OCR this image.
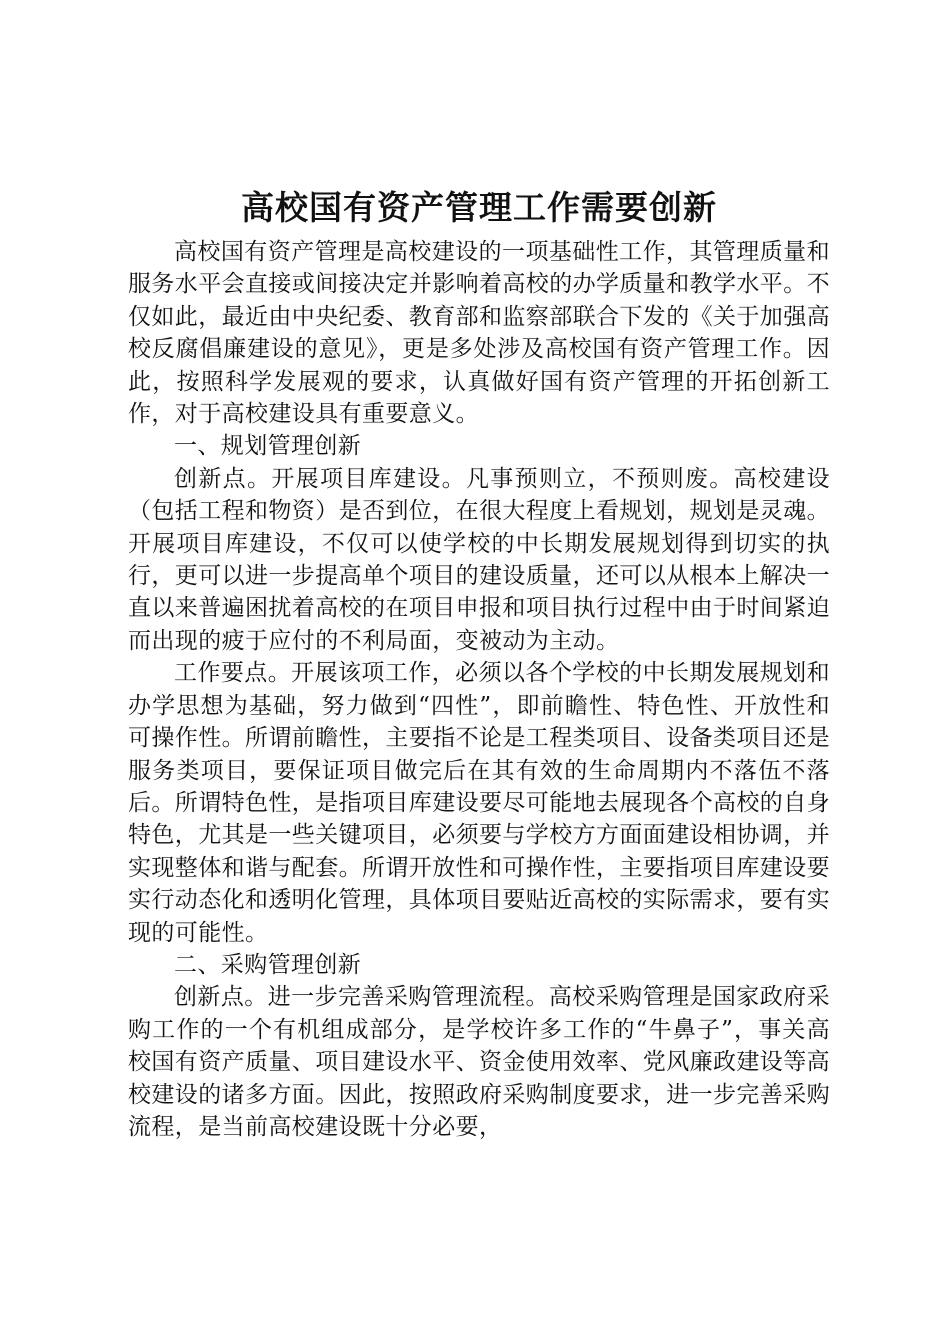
高校国有资产管理工作需要创新

高校国有资产管理是高校建设的一项基础性工作，其管理质量和服务水平会直接或间接决定并影响着高校的办学质量和教学水平。不仅如此，最近由中央纪委、教育部和监察部联合下发的《关于加强高校反腐倡廉建设的意见》，更是多处涉及高校国有资产管理工作。因此，按照科学发展观的要求，认真做好国有资产管理的开拓创新工作，对于高校建设具有重要意义。

一、规划管理创新

创新点。开展项目库建设。凡事预则立，不预则废。高校建设（包括工程和物资）是否到位，在很大程度上看规划，规划是灵魂。开展项目库建设，不仅可以使学校的中长期发展规划得到切实的执行，更可以进一步提高单个项目的建设质量，还可以从根本上解决一直以来普遍困扰着高校的在项目申报和项目执行过程中由于时间紧迫而出现的疲于应付的不利局面，变被动为主动。

工作要点。开展该项工作，必须以各个学校的中长期发展规划和办学思想为基础，努力做到“四性”，即前瞻性、特色性、开放性和可操作性。所谓前瞻性，主要指不论是工程类项目、设备类项目还是服务类项目，要保证项目做完后在其有效的生命周期内不落伍不落后。所谓特色性，是指项目库建设要尽可能地去展现各个高校的自身特色，尤其是一些关键项目，必须要与学校方方面面建设相协调，并实现整体和谐与配套。所谓开放性和可操作性，主要指项目库建设要实行动态化和透明化管理，具体项目要贴近高校的实际需求，要有实现的可能性。

二、采购管理创新

创新点。进一步完善采购管理流程。高校采购管理是国家政府采购工作的一个有机组成部分，是学校许多工作的“牛鼻子”，事关高校国有资产质量、项目建设水平、资金使用效率、党风廉政建设等高校建设的诸多方面。因此，按照政府采购制度要求，进一步完善采购流程，是当前高校建设既十分必要，
